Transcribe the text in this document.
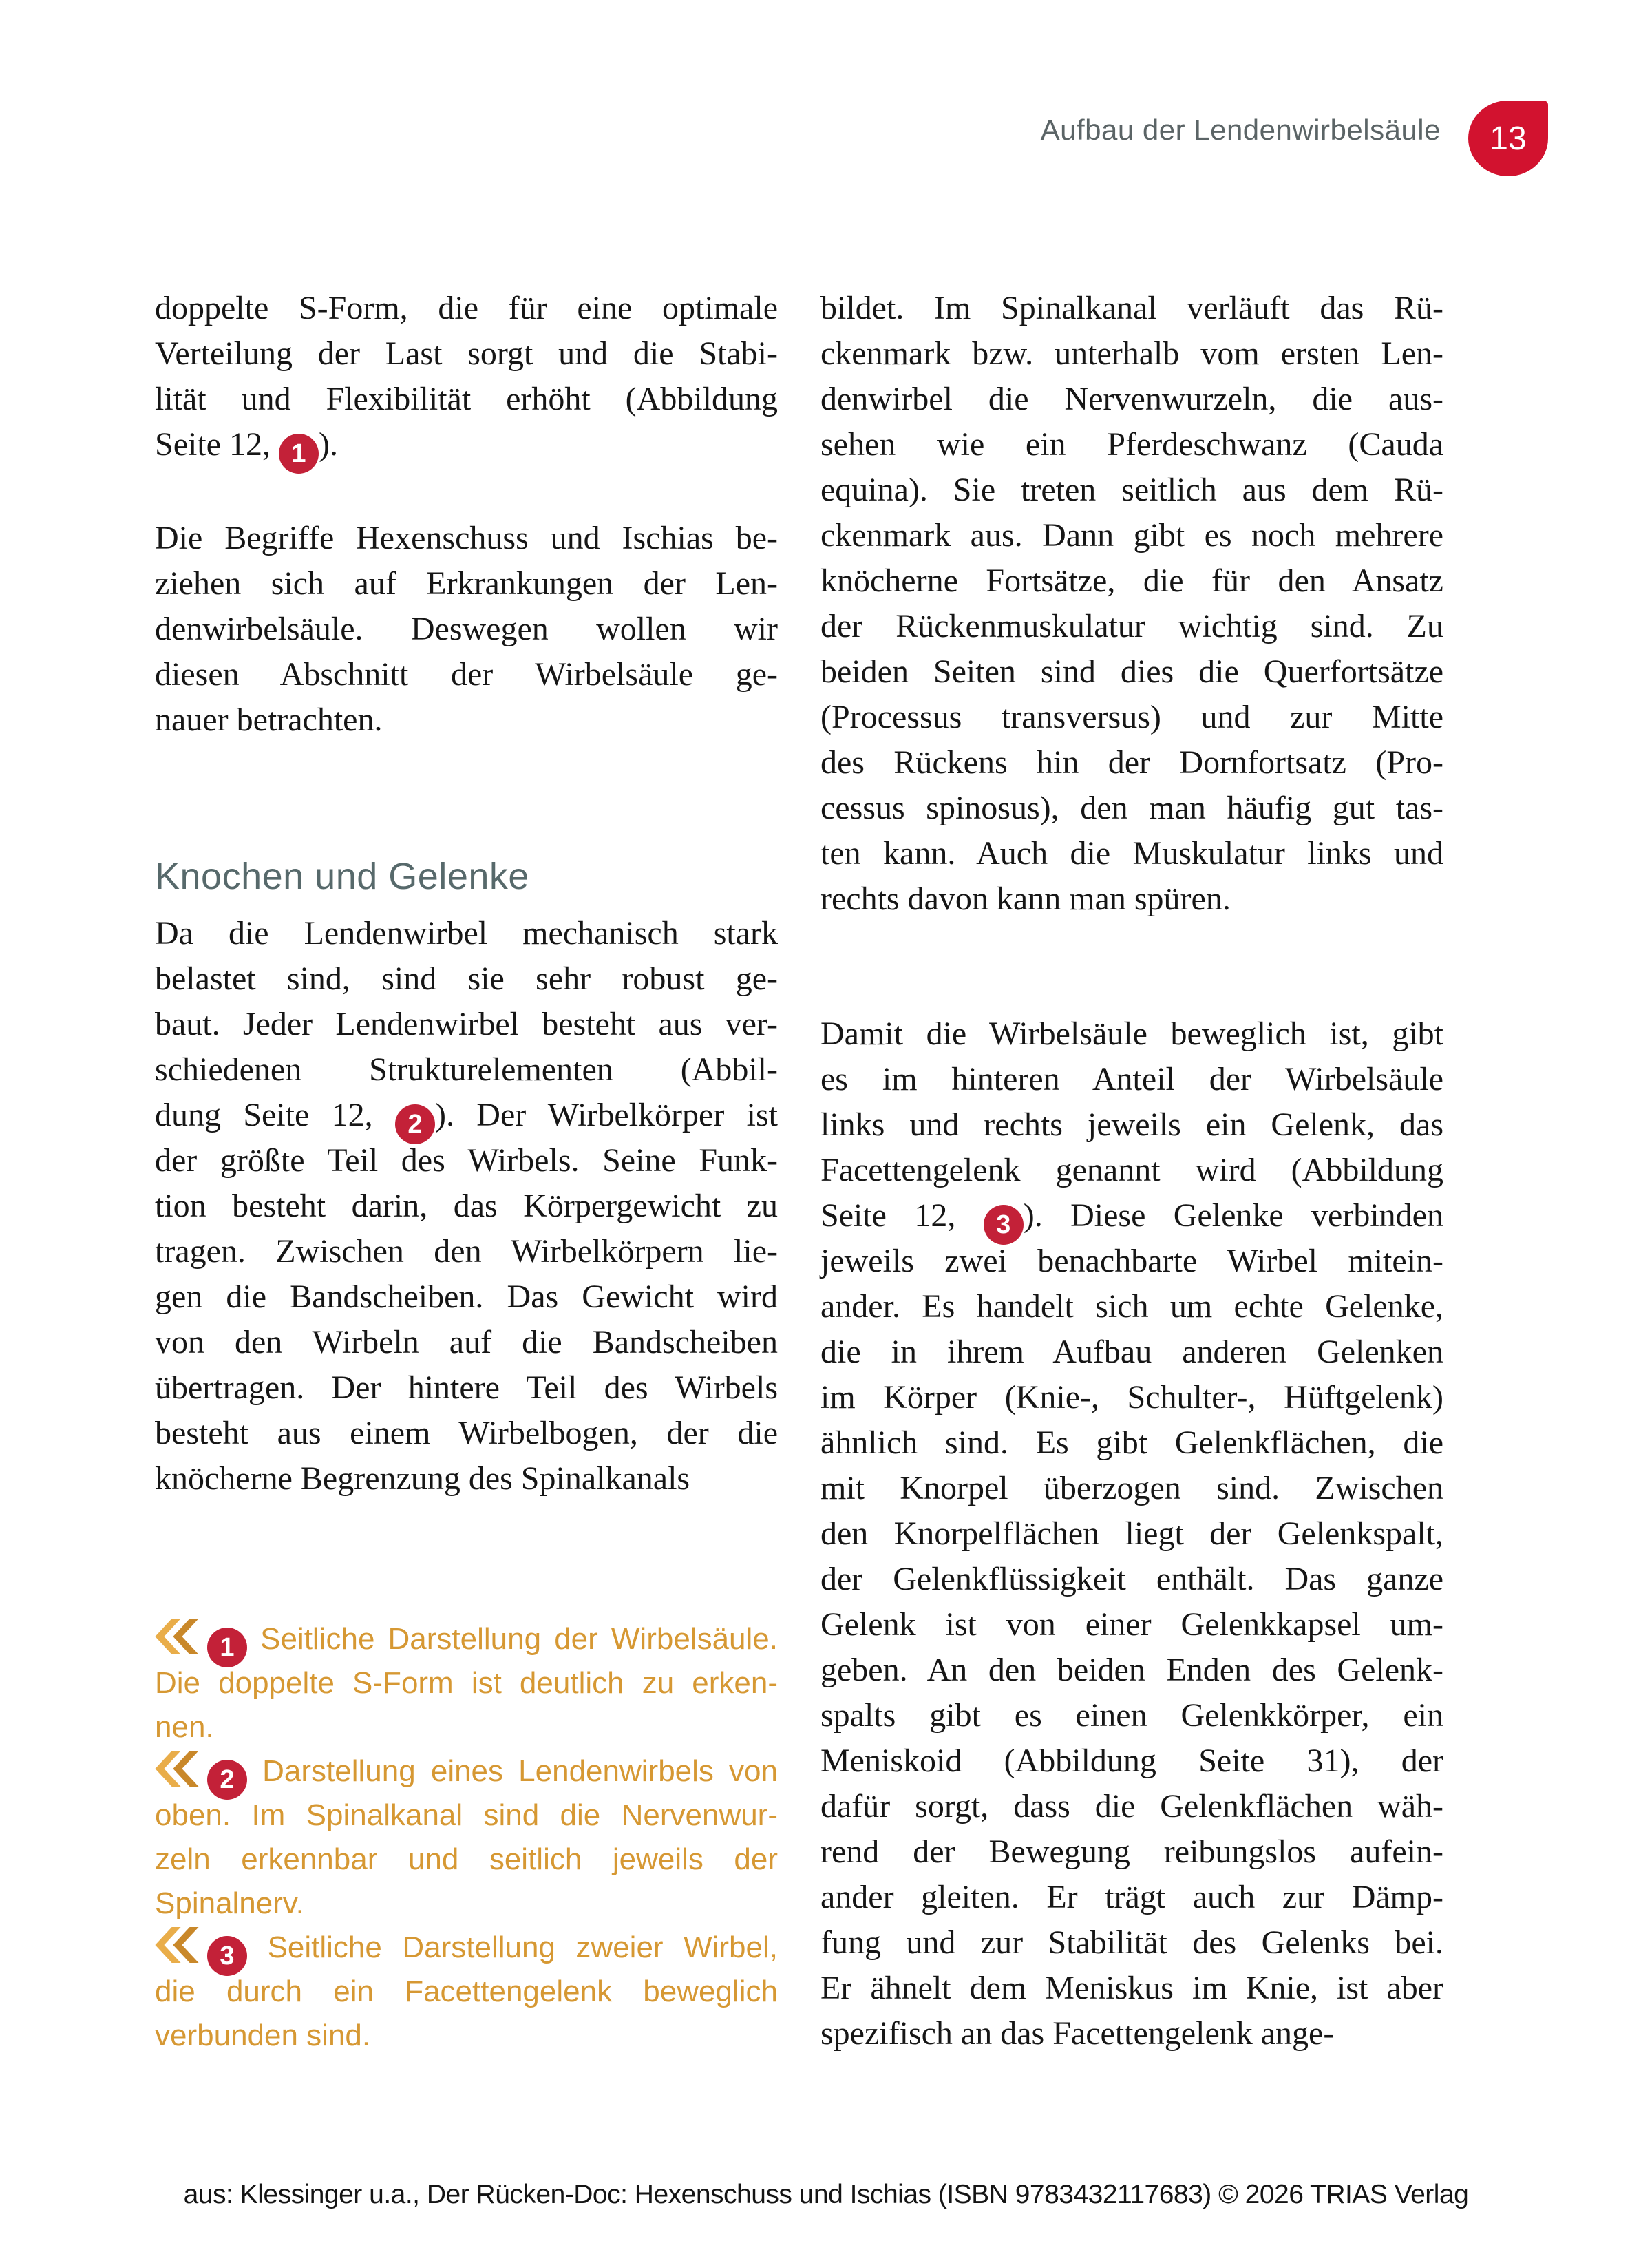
Aufbau der Lendenwirbelsäule 13
doppelte S-Form, die für eine optimale
Verteilung der Last sorgt und die Stabi-
lität und Flexibilität erhöht (Abbildung
Seite 12, 1 ).
Die Begriffe Hexenschuss und Ischias be-
ziehen sich auf Erkrankungen der Len-
denwirbelsäule. Deswegen wollen wir
diesen Abschnitt der Wirbelsäule ge-
nauer betrachten.
Knochen und Gelenke
Da die Lendenwirbel mechanisch stark
belastet sind, sind sie sehr robust ge-
baut. Jeder Lendenwirbel besteht aus ver-
schiedenen Strukturelementen (Abbil-
dung Seite 12, 2 ). Der Wirbelkörper ist
der größte Teil des Wirbels. Seine Funk-
tion besteht darin, das Körpergewicht zu
tragen. Zwischen den Wirbelkörpern lie-
gen die Bandscheiben. Das Gewicht wird
von den Wirbeln auf die Bandscheiben
übertragen. Der hintere Teil des Wirbels
besteht aus einem Wirbelbogen, der die
knöcherne Begrenzung des Spinalkanals
1 Seitliche Darstellung der Wirbelsäule.
Die doppelte S-Form ist deutlich zu erken-
nen.
2 Darstellung eines Lendenwirbels von
oben. Im Spinalkanal sind die Nervenwur-
zeln erkennbar und seitlich jeweils der
Spinalnerv.
3 Seitliche Darstellung zweier Wirbel,
die durch ein Facettengelenk beweglich
verbunden sind.
bildet. Im Spinalkanal verläuft das Rü-
ckenmark bzw. unterhalb vom ersten Len-
denwirbel die Nervenwurzeln, die aus-
sehen wie ein Pferdeschwanz (Cauda
equina). Sie treten seitlich aus dem Rü-
ckenmark aus. Dann gibt es noch mehrere
knöcherne Fortsätze, die für den Ansatz
der Rückenmuskulatur wichtig sind. Zu
beiden Seiten sind dies die Querfortsätze
(Processus transversus) und zur Mitte
des Rückens hin der Dornfortsatz (Pro-
cessus spinosus), den man häufig gut tas-
ten kann. Auch die Muskulatur links und
rechts davon kann man spüren.
Damit die Wirbelsäule beweglich ist, gibt
es im hinteren Anteil der Wirbelsäule
links und rechts jeweils ein Gelenk, das
Facettengelenk genannt wird (Abbildung
Seite 12, 3 ). Diese Gelenke verbinden
jeweils zwei benachbarte Wirbel mitein-
ander. Es handelt sich um echte Gelenke,
die in ihrem Aufbau anderen Gelenken
im Körper (Knie-, Schulter-, Hüftgelenk)
ähnlich sind. Es gibt Gelenkflächen, die
mit Knorpel überzogen sind. Zwischen
den Knorpelflächen liegt der Gelenkspalt,
der Gelenkflüssigkeit enthält. Das ganze
Gelenk ist von einer Gelenkkapsel um-
geben. An den beiden Enden des Gelenk-
spalts gibt es einen Gelenkkörper, ein
Meniskoid (Abbildung Seite 31), der
dafür sorgt, dass die Gelenkflächen wäh-
rend der Bewegung reibungslos aufein-
ander gleiten. Er trägt auch zur Dämp-
fung und zur Stabilität des Gelenks bei.
Er ähnelt dem Meniskus im Knie, ist aber
spezifisch an das Facettengelenk ange-
aus: Klessinger u.a., Der Rücken-Doc: Hexenschuss und Ischias (ISBN 9783432117683) © 2026 TRIAS Verlag
